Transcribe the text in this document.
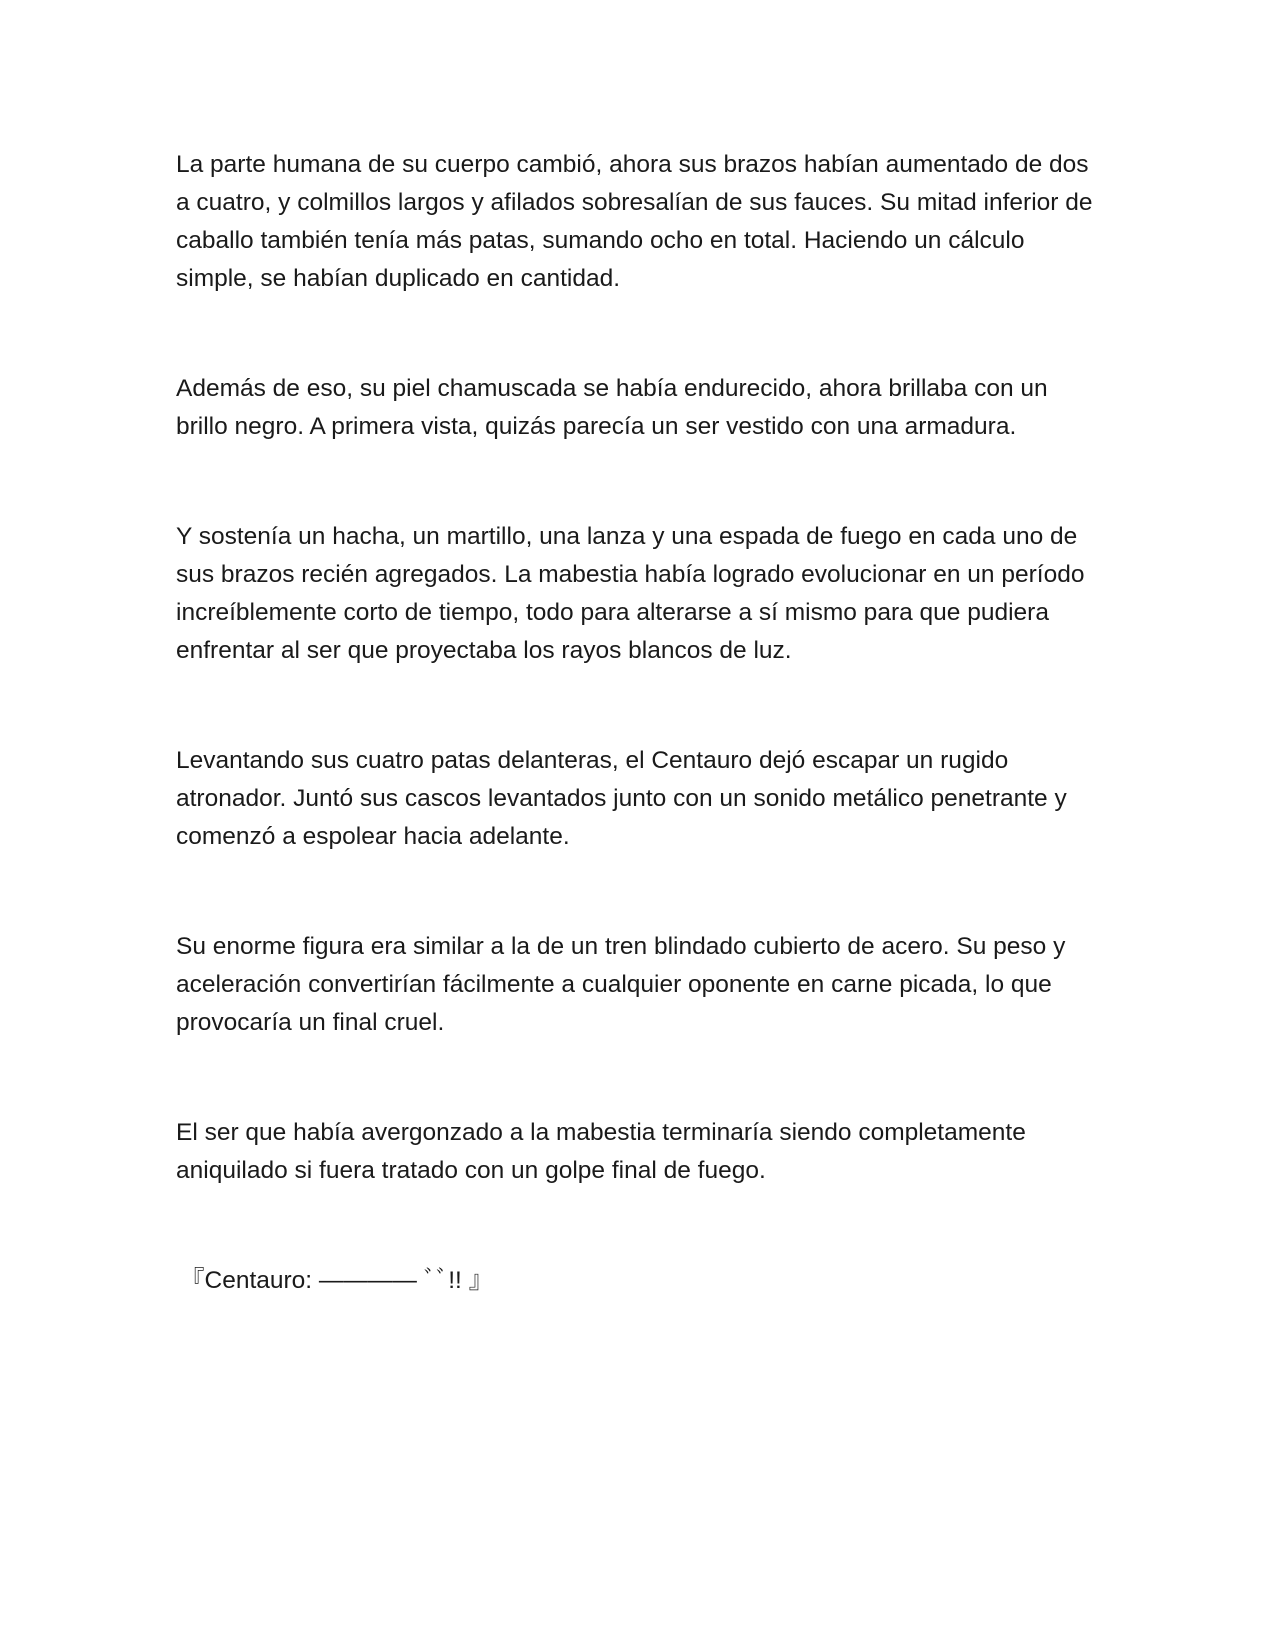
La parte humana de su cuerpo cambió, ahora sus brazos habían aumentado de dos a cuatro, y colmillos largos y afilados sobresalían de sus fauces. Su mitad inferior de caballo también tenía más patas, sumando ocho en total. Haciendo un cálculo simple, se habían duplicado en cantidad.

Además de eso, su piel chamuscada se había endurecido, ahora brillaba con un brillo negro. A primera vista, quizás parecía un ser vestido con una armadura.

Y sostenía un hacha, un martillo, una lanza y una espada de fuego en cada uno de sus brazos recién agregados. La mabestia había logrado evolucionar en un período increíblemente corto de tiempo, todo para alterarse a sí mismo para que pudiera enfrentar al ser que proyectaba los rayos blancos de luz.

Levantando sus cuatro patas delanteras, el Centauro dejó escapar un rugido atronador. Juntó sus cascos levantados junto con un sonido metálico penetrante y comenzó a espolear hacia adelante.

Su enorme figura era similar a la de un tren blindado cubierto de acero. Su peso y aceleración convertirían fácilmente a cualquier oponente en carne picada, lo que provocaría un final cruel.

El ser que había avergonzado a la mabestia terminaría siendo completamente aniquilado si fuera tratado con un golpe final de fuego.

『Centauro: ———— ﾞﾞ!! 』
